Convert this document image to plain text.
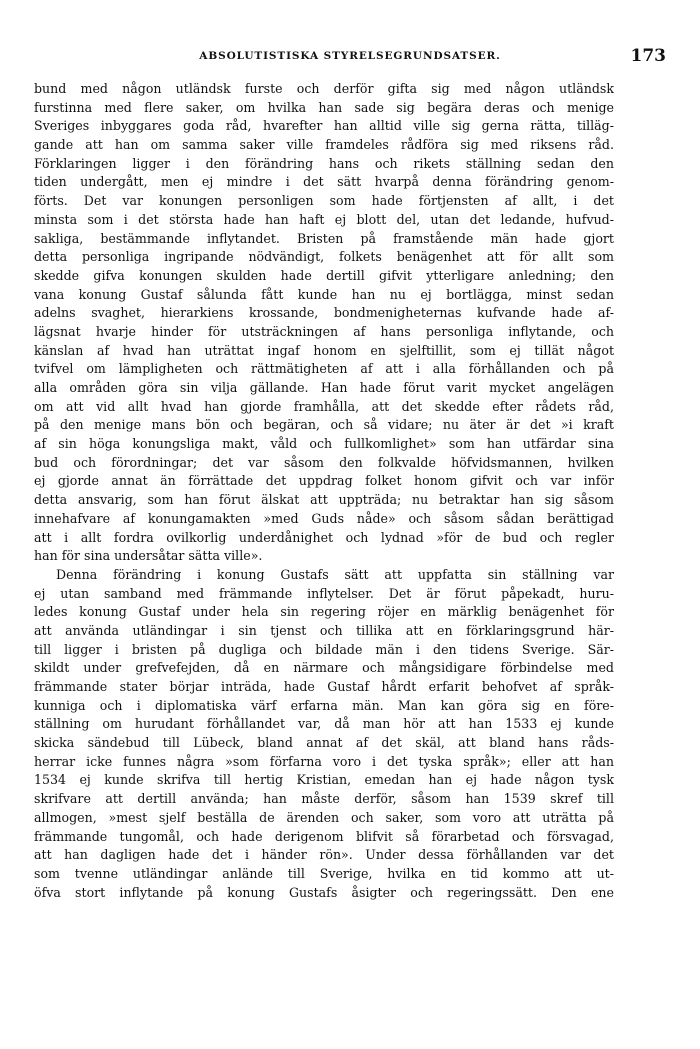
ABSOLUTISTISKA STYRELSEGRUNDSATSER.	173
bund med någon utländsk furste och derför gifta sig med någon utländsk
furstinna med flere saker, om hvilka han sade sig begära deras och menige
Sveriges inbyggares goda råd, hvarefter han alltid ville sig gerna rätta, tilläg-
gande att han om samma saker ville framdeles rådföra sig med riksens råd.
Förklaringen ligger i den förändring hans och rikets ställning sedan den
tiden undergått, men ej mindre i det sätt hvarpå denna förändring genom-
förts. Det var konungen personligen som hade förtjensten af allt, i det
minsta som i det största hade han haft ej blott del, utan det ledande, hufvud-
sakliga, bestämmande inflytandet. Bristen på framstående män hade gjort
detta personliga ingripande nödvändigt, folkets benägenhet att för allt som
skedde gifva konungen skulden hade dertill gifvit ytterligare anledning; den
vana konung Gustaf sålunda fått kunde han nu ej bortlägga, minst sedan
adelns svaghet, hierarkiens krossande, bondmenigheternas kufvande hade af-
lägsnat hvarje hinder för utsträckningen af hans personliga inflytande, och
känslan af hvad han uträttat ingaf honom en sjelftillit, som ej tillät något
tvifvel om lämpligheten och rättmätigheten af att i alla förhållanden och på
alla områden göra sin vilja gällande. Han hade förut varit mycket angelägen
om att vid allt hvad han gjorde framhålla, att det skedde efter rådets råd,
på den menige mans bön och begäran, och så vidare; nu äter är det »i kraft
af sin höga konungsliga makt, våld och fullkomlighet» som han utfärdar sina
bud och förordningar; det var såsom den folkvalde höfvidsmannen, hvilken
ej gjorde annat än förrättade det uppdrag folket honom gifvit och var inför
detta ansvarig, som han förut älskat att uppträda; nu betraktar han sig såsom
innehafvare af konungamakten »med Guds nåde» och såsom sådan berättigad
att i allt fordra ovilkorlig underdånighet och lydnad »för de bud och regler
han för sina undersåtar sätta ville».
Denna förändring i konung Gustafs sätt att uppfatta sin ställning var
ej utan samband med främmande inflytelser. Det är förut påpekadt, huru-
ledes konung Gustaf under hela sin regering röjer en märklig benägenhet för
att använda utländingar i sin tjenst och tillika att en förklaringsgrund här-
till ligger i bristen på dugliga och bildade män i den tidens Sverige. Sär-
skildt under grefvefejden, då en närmare och mångsidigare förbindelse med
främmande stater börjar inträda, hade Gustaf hårdt erfarit behofvet af språk-
kunniga och i diplomatiska värf erfarna män. Man kan göra sig en före-
ställning om hurudant förhållandet var, då man hör att han 1533 ej kunde
skicka sändebud till Lübeck, bland annat af det skäl, att bland hans råds-
herrar icke funnes några »som förfarna voro i det tyska språk»; eller att han
1534 ej kunde skrifva till hertig Kristian, emedan han ej hade någon tysk
skrifvare att dertill använda; han måste derför, såsom han 1539 skref till
allmogen, »mest sjelf beställa de ärenden och saker, som voro att uträtta på
främmande tungomål, och hade derigenom blifvit så förarbetad och försvagad,
att han dagligen hade det i händer rön». Under dessa förhållanden var det
som tvenne utländingar anlände till Sverige, hvilka en tid kommo att ut-
öfva stort inflytande på konung Gustafs åsigter och regeringssätt. Den ene
